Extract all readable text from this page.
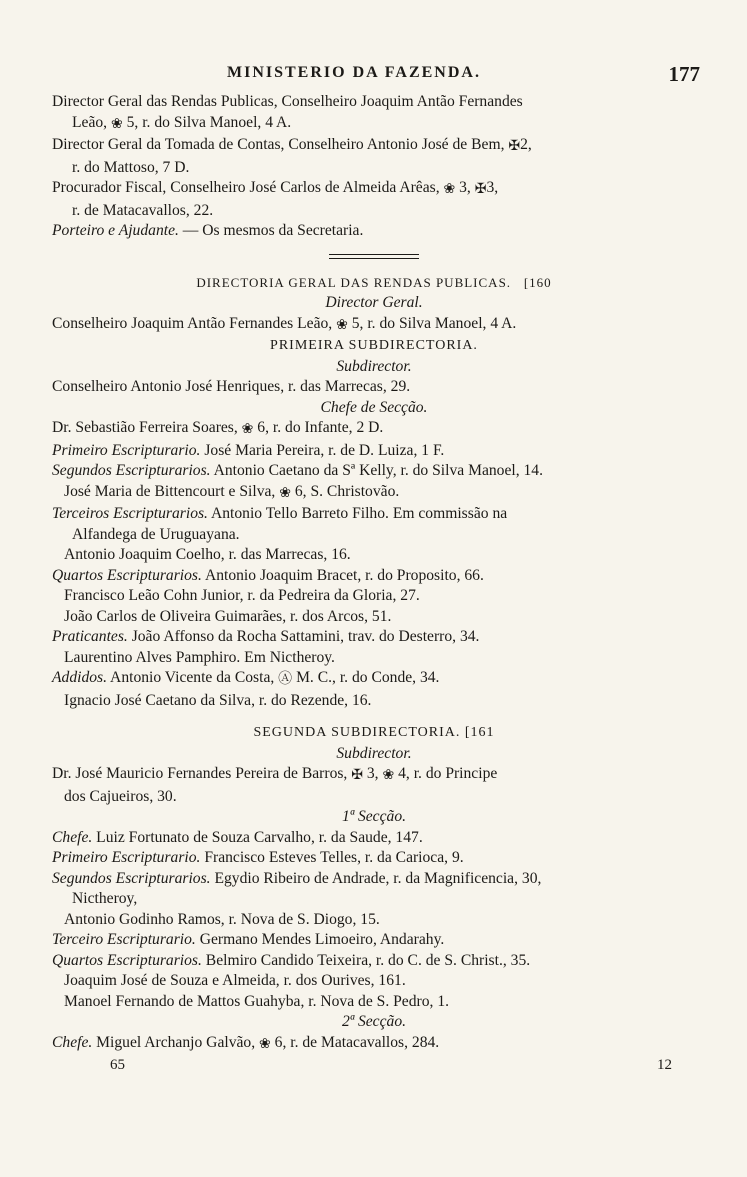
MINISTERIO DA FAZENDA.	177
Director Geral das Rendas Publicas, Conselheiro Joaquim Antão Fernandes
Leão, ❀ 5, r. do Silva Manoel, 4 A.
Director Geral da Tomada de Contas, Conselheiro Antonio José de Bem, ✠2,
r. do Mattoso, 7 D.
Procurador Fiscal, Conselheiro José Carlos de Almeida Arêas, ❀ 3, ✠3,
r. de Matacavallos, 22.
Porteiro e Ajudante. — Os mesmos da Secretaria.
DIRECTORIA GERAL DAS RENDAS PUBLICAS. [160
Director Geral.
Conselheiro Joaquim Antão Fernandes Leão, ❀ 5, r. do Silva Manoel, 4 A.
PRIMEIRA SUBDIRECTORIA.
Subdirector.
Conselheiro Antonio José Henriques, r. das Marrecas, 29.
Chefe de Secção.
Dr. Sebastião Ferreira Soares, ❀ 6, r. do Infante, 2 D.
Primeiro Escripturario. José Maria Pereira, r. de D. Luiza, 1 F.
Segundos Escripturarios. Antonio Caetano da Sª Kelly, r. do Silva Manoel, 14.
José Maria de Bittencourt e Silva, ❀ 6, S. Christovão.
Terceiros Escripturarios. Antonio Tello Barreto Filho. Em commissão na
Alfandega de Uruguayana.
Antonio Joaquim Coelho, r. das Marrecas, 16.
Quartos Escripturarios. Antonio Joaquim Bracet, r. do Proposito, 66.
Francisco Leão Cohn Junior, r. da Pedreira da Gloria, 27.
João Carlos de Oliveira Guimarães, r. dos Arcos, 51.
Praticantes. João Affonso da Rocha Sattamini, trav. do Desterro, 34.
Laurentino Alves Pamphiro. Em Nictheroy.
Addidos. Antonio Vicente da Costa, Ⓐ M. C., r. do Conde, 34.
Ignacio José Caetano da Silva, r. do Rezende, 16.
SEGUNDA SUBDIRECTORIA. [161
Subdirector.
Dr. José Mauricio Fernandes Pereira de Barros, ✠ 3, ❀ 4, r. do Principe
dos Cajueiros, 30.
1ª Secção.
Chefe. Luiz Fortunato de Souza Carvalho, r. da Saude, 147.
Primeiro Escripturario. Francisco Esteves Telles, r. da Carioca, 9.
Segundos Escripturarios. Egydio Ribeiro de Andrade, r. da Magnificencia, 30,
Nictheroy,
Antonio Godinho Ramos, r. Nova de S. Diogo, 15.
Terceiro Escripturario. Germano Mendes Limoeiro, Andarahy.
Quartos Escripturarios. Belmiro Candido Teixeira, r. do C. de S. Christ., 35.
Joaquim José de Souza e Almeida, r. dos Ourives, 161.
Manoel Fernando de Mattos Guahyba, r. Nova de S. Pedro, 1.
2ª Secção.
Chefe. Miguel Archanjo Galvão, ❀ 6, r. de Matacavallos, 284.
65	12
